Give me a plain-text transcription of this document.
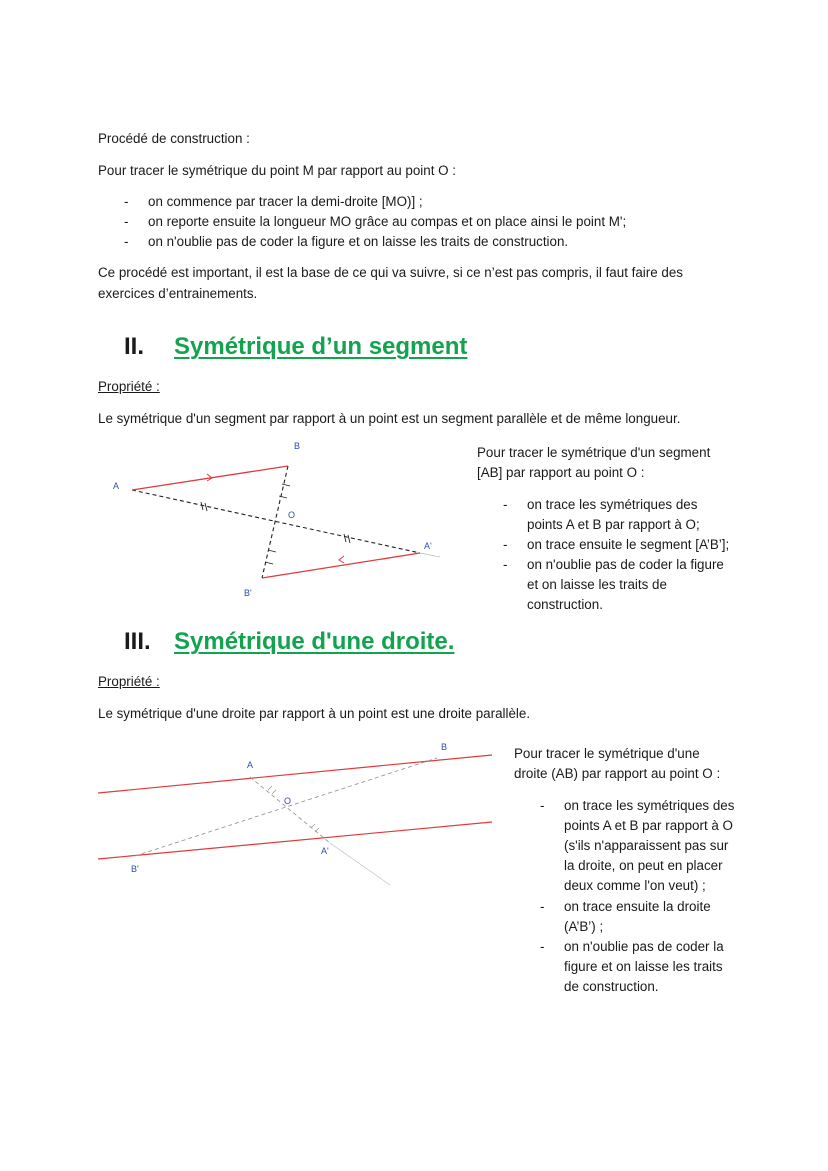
Procédé de construction :
Pour tracer le symétrique du point M par rapport au point O :
- on commence par tracer la demi-droite [MO)] ;
- on reporte ensuite la longueur MO grâce au compas et on place ainsi le point M';
- on n'oublie pas de coder la figure et on laisse les traits de construction.
Ce procédé est important, il est la base de ce qui va suivre, si ce n’est pas compris, il faut faire des
exercices d’entrainements.
II. Symétrique d’un segment
Propriété :
Le symétrique d'un segment par rapport à un point est un segment parallèle et de même longueur.
A
B
O
A'
B'
A
B
O
A'
B'
Pour tracer le symétrique d'un segment
[AB] par rapport au point O :
- on trace les symétriques des
points A et B par rapport à O;
- on trace ensuite le segment [A’B’];
- on n'oublie pas de coder la figure
et on laisse les traits de
construction.
III. Symétrique d'une droite.
Propriété :
Le symétrique d'une droite par rapport à un point est une droite parallèle.
Pour tracer le symétrique d'une
droite (AB) par rapport au point O :
- on trace les symétriques des
points A et B par rapport à O
(s'ils n'apparaissent pas sur
la droite, on peut en placer
deux comme l'on veut) ;
- on trace ensuite la droite
(A’B’) ;
- on n'oublie pas de coder la
figure et on laisse les traits
de construction.
